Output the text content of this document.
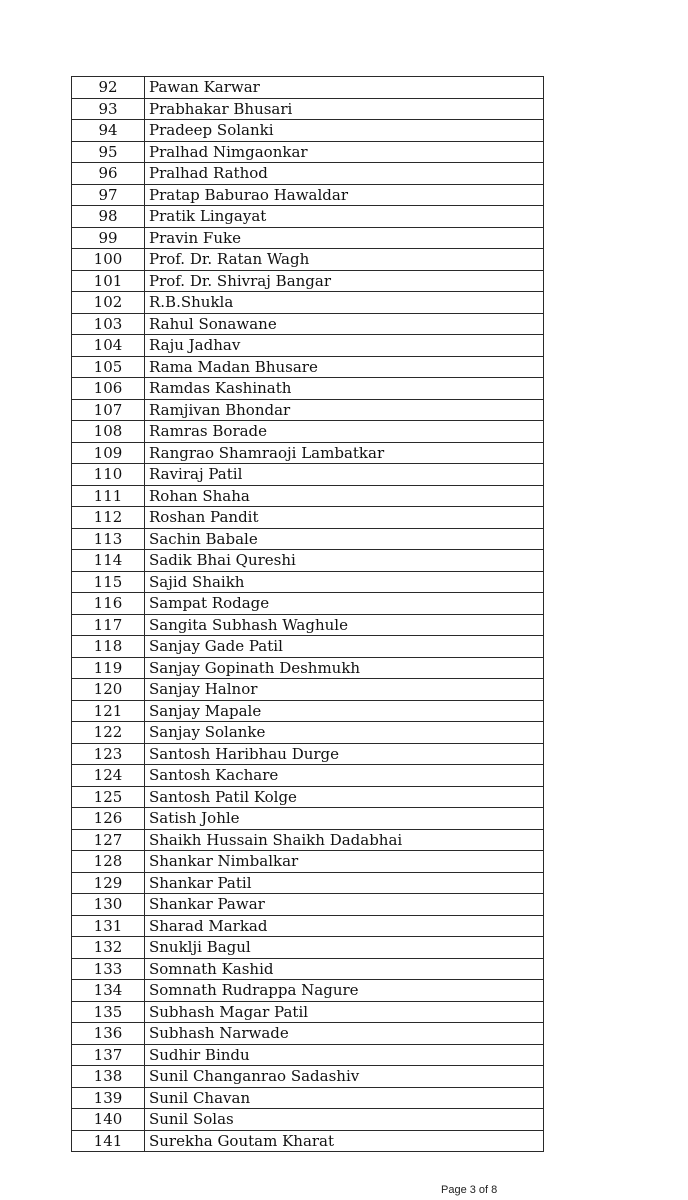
92	Pawan Karwar
93	Prabhakar Bhusari
94	Pradeep Solanki
95	Pralhad Nimgaonkar
96	Pralhad Rathod
97	Pratap Baburao Hawaldar
98	Pratik Lingayat
99	Pravin Fuke
100	Prof. Dr. Ratan Wagh
101	Prof. Dr. Shivraj Bangar
102	R.B.Shukla
103	Rahul Sonawane
104	Raju Jadhav
105	Rama Madan Bhusare
106	Ramdas Kashinath
107	Ramjivan Bhondar
108	Ramras Borade
109	Rangrao Shamraoji Lambatkar
110	Raviraj Patil
111	Rohan Shaha
112	Roshan Pandit
113	Sachin Babale
114	Sadik Bhai Qureshi
115	Sajid Shaikh
116	Sampat Rodage
117	Sangita Subhash Waghule
118	Sanjay Gade Patil
119	Sanjay Gopinath Deshmukh
120	Sanjay Halnor
121	Sanjay Mapale
122	Sanjay Solanke
123	Santosh Haribhau Durge
124	Santosh Kachare
125	Santosh Patil Kolge
126	Satish Johle
127	Shaikh Hussain Shaikh Dadabhai
128	Shankar Nimbalkar
129	Shankar Patil
130	Shankar Pawar
131	Sharad Markad
132	Snuklji Bagul
133	Somnath Kashid
134	Somnath Rudrappa Nagure
135	Subhash Magar Patil
136	Subhash Narwade
137	Sudhir Bindu
138	Sunil Changanrao Sadashiv
139	Sunil Chavan
140	Sunil Solas
141	Surekha Goutam Kharat
Page 3 of 8
